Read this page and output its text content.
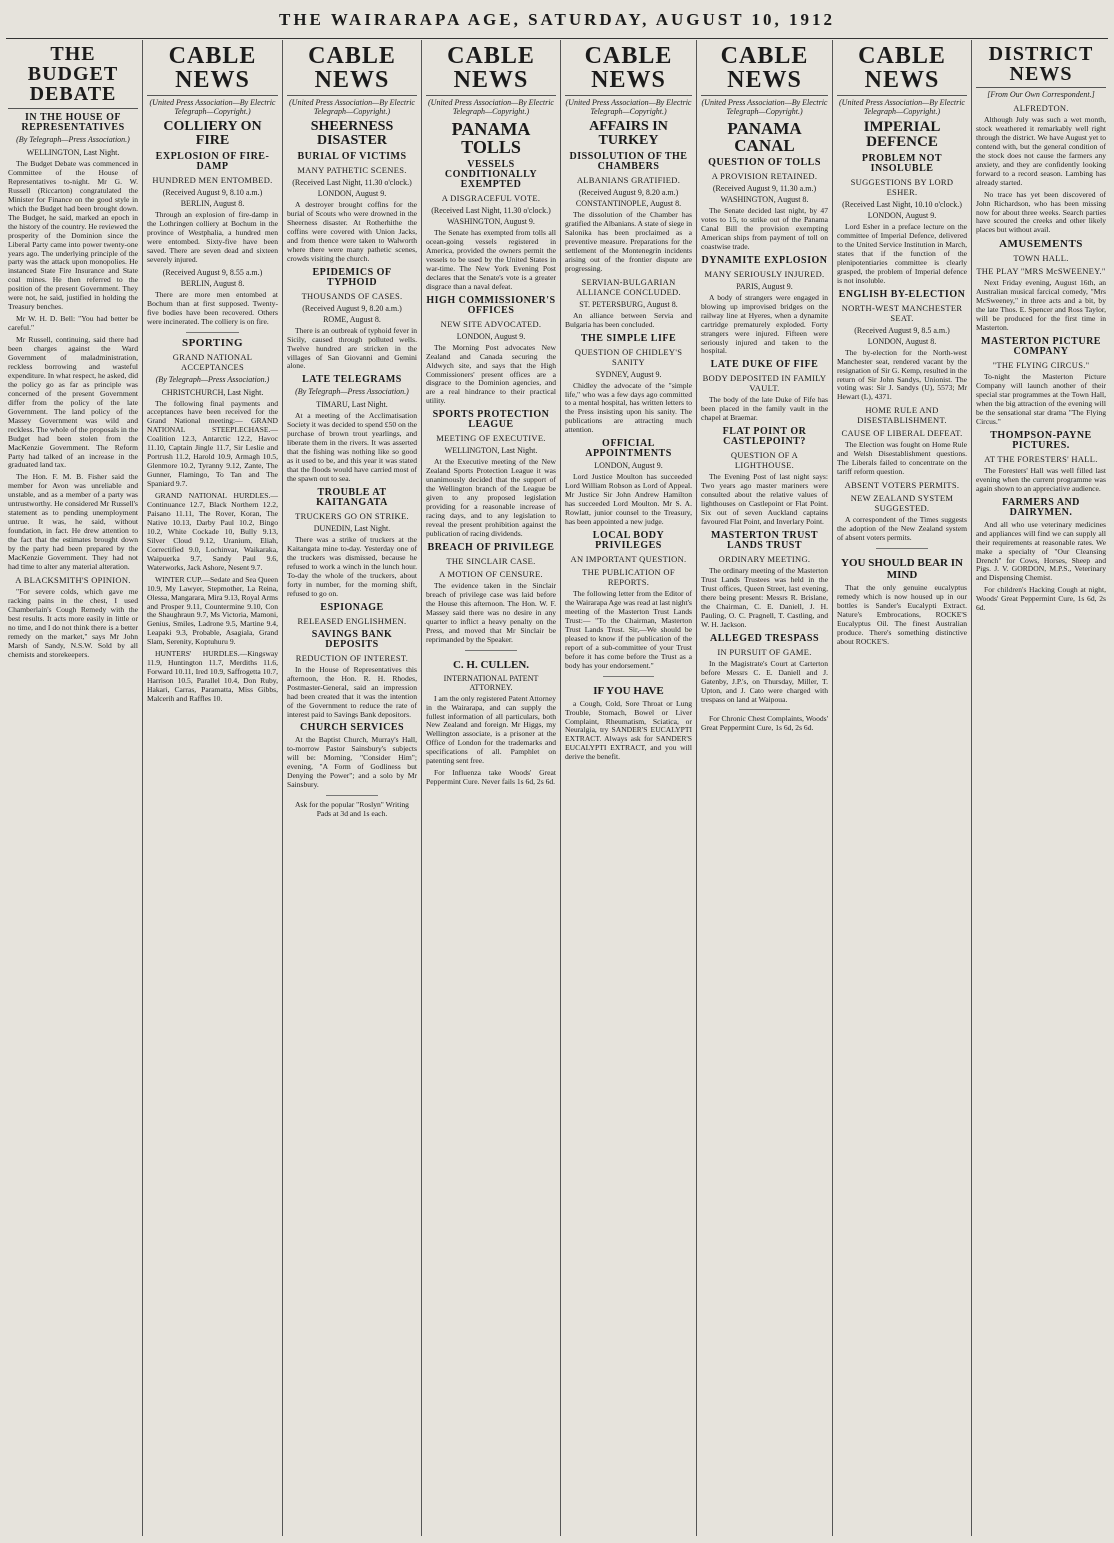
THE WAIRARAPA AGE, SATURDAY, AUGUST 10, 1912
THE BUDGET DEBATE
IN THE HOUSE OF REPRESENTATIVES
(By Telegraph—Press Association.)
WELLINGTON, Last Night.

The Budget Debate was commenced in Committee of the House of Representatives to-night. Mr G. W. Russell (Riccarton) congratulated the Minister for Finance on the good style in which the Budget had been brought down. The Budget, he said, marked an epoch in the history of the country. He reviewed the prosperity of the Dominion since the Liberal Party came into power twenty-one years ago. The underlying principle of the party was the attack upon monopolies. He instanced State Fire Insurance and State coal mines. He then referred to the position of the present Government. They were not, he said, justified in holding the Treasury benches.

Mr W. H. D. Bell: "You had better be careful."

Mr Russell, continuing, said there had been charges against the Ward Government of maladministration, reckless borrowing and wasteful expenditure. In what respect, he asked, did the policy go as far as principle was concerned of the present Government differ from the policy of the late Government. The land policy of the Massey Government was wild and reckless. The whole of the proposals in the Budget had been stolen from the MacKenzie Government. The Reform Party had talked of an increase in the graduated land tax.

The Hon. F. M. B. Fisher said the member for Avon was unreliable and unstable, and as a member of a party was untrustworthy. He considered Mr Russell's statement as to pending unemployment untrue. It was, he said, without foundation, in fact. He drew attention to the fact that the estimates brought down by the party had been prepared by the MacKenzie Government. They had not had time to alter any material alteration.

A BLACKSMITH'S OPINION.

"For severe colds, which gave me racking pains in the chest, I used Chamberlain's Cough Remedy with the best results. It acts more easily in little or no time, and I do not think there is a better remedy on the market," says Mr John Marsh of Sandy, N.S.W. Sold by all chemists and storekeepers.

CABLE NEWS
(United Press Association—By Electric Telegraph—Copyright.)
COLLIERY ON FIRE
EXPLOSION OF FIRE-DAMP
HUNDRED MEN ENTOMBED.
(Received August 9, 8.10 a.m.)
BERLIN, August 8.

Through an explosion of fire-damp in the Lothringen colliery at Bochum in the province of Westphalia, a hundred men were entombed. Sixty-five have been saved. There are seven dead and sixteen severely injured.

(Received August 9, 8.55 a.m.)
BERLIN, August 8.

There are more men entombed at Bochum than at first supposed. Twenty-five bodies have been recovered. Others were incinerated. The colliery is on fire.

SPORTING
GRAND NATIONAL ACCEPTANCES
(By Telegraph—Press Association.)
CHRISTCHURCH, Last Night.

The following final payments and acceptances have been received for the Grand National meeting:— GRAND NATIONAL STEEPLECHASE.—Coalition 12.3, Antarctic 12.2, Havoc 11.10, Captain Jingle 11.7, Sir Leslie and Portrush 11.2, Harold 10.9, Armagh 10.5, Glenmore 10.2, Tyranny 9.12, Zante, The Gunner, Flamingo, To Tan and The Spaniard 9.7.

GRAND NATIONAL HURDLES.—Continuance 12.7, Black Northern 12.2, Paisano 11.11, The Rover, Koran, The Native 10.13, Darby Paul 10.2, Bingo 10.2, White Cockade 10, Bully 9.13, Silver Cloud 9.12, Uranium, Eliah, Correctified 9.0, Lochinvar, Waikaraka, Waipuerka 9.7, Sandy Paul 9.6, Waterworks, Jack Ashore, Nesent 9.7.

WINTER CUP.—Sedate and Sea Queen 10.9, My Lawyer, Stepmother, La Reina, Olessa, Mangarara, Mira 9.13, Royal Arms and Prosper 9.11, Countermine 9.10, Con the Shaughraun 9.7, Ms Victoria, Mamoni, Genius, Smiles, Ladrone 9.5, Martine 9.4, Leapaki 9.3, Probable, Asagiala, Grand Slam, Serenity, Koptuhuru 9.

HUNTERS' HURDLES.—Kingsway 11.9, Huntington 11.7, Merdiths 11.6, Forward 10.11, Ired 10.9, Saffrogetta 10.7, Harrison 10.5, Parallel 10.4, Don Ruby, Hakari, Carras, Paramatta, Miss Gibbs, Malcerih and Raffles 10.

CABLE NEWS
(United Press Association—By Electric Telegraph—Copyright.)
SHEERNESS DISASTER
BURIAL OF VICTIMS
MANY PATHETIC SCENES.
(Received Last Night, 11.30 o'clock.)
LONDON, August 9.

A destroyer brought coffins for the burial of Scouts who were drowned in the Sheerness disaster. At Rotherhithe the coffins were covered with Union Jacks, and from thence were taken to Walworth where there were many pathetic scenes, crowds visiting the church.

EPIDEMICS OF TYPHOID
THOUSANDS OF CASES.
(Received August 9, 8.20 a.m.)
ROME, August 8.

There is an outbreak of typhoid fever in Sicily, caused through polluted wells. Twelve hundred are stricken in the villages of San Giovanni and Gemini alone.

LATE TELEGRAMS
(By Telegraph—Press Association.)
TIMARU, Last Night.

At a meeting of the Acclimatisation Society it was decided to spend £50 on the purchase of brown trout yearlings, and liberate them in the rivers. It was asserted that the fishing was nothing like so good as it used to be, and this year it was stated that the floods would have carried most of the spawn out to sea.

TROUBLE AT KAITANGATA
TRUCKERS GO ON STRIKE.
DUNEDIN, Last Night.

There was a strike of truckers at the Kaitangata mine to-day. Yesterday one of the truckers was dismissed, because he refused to work a winch in the lunch hour. To-day the whole of the truckers, about forty in number, for the morning shift, refused to go on.

ESPIONAGE
RELEASED ENGLISHMEN.
SAVINGS BANK DEPOSITS
REDUCTION OF INTEREST.

In the House of Representatives this afternoon, the Hon. R. H. Rhodes, Postmaster-General, said an impression had been created that it was the intention of the Government to reduce the rate of interest paid to Savings Bank depositors.

CHURCH SERVICES

At the Baptist Church, Murray's Hall, to-morrow Pastor Sainsbury's subjects will be: Morning, "Consider Him"; evening, "A Form of Godliness but Denying the Power"; and a solo by Mr Sainsbury.

Ask for the popular "Roslyn" Writing Pads at 3d and 1s each.

CABLE NEWS
(United Press Association—By Electric Telegraph—Copyright.)
PANAMA TOLLS
VESSELS CONDITIONALLY EXEMPTED
A DISGRACEFUL VOTE.
(Received Last Night, 11.30 o'clock.)
WASHINGTON, August 9.

The Senate has exempted from tolls all ocean-going vessels registered in America, provided the owners permit the vessels to be used by the United States in war-time. The New York Evening Post declares that the Senate's vote is a greater disgrace than a naval defeat.

HIGH COMMISSIONER'S OFFICES
NEW SITE ADVOCATED.
LONDON, August 9.

The Morning Post advocates New Zealand and Canada securing the Aldwych site, and says that the High Commissioners' present offices are a disgrace to the Dominion agencies, and are a real hindrance to their practical utility.

SPORTS PROTECTION LEAGUE
MEETING OF EXECUTIVE.
WELLINGTON, Last Night.

At the Executive meeting of the New Zealand Sports Protection League it was unanimously decided that the support of the Wellington branch of the League be given to any proposed legislation providing for a reasonable increase of racing days, and to any legislation to reveal the present prohibition against the publication of racing dividends.

BREACH OF PRIVILEGE
THE SINCLAIR CASE.
A MOTION OF CENSURE.

The evidence taken in the Sinclair breach of privilege case was laid before the House this afternoon. The Hon. W. F. Massey said there was no desire in any quarter to inflict a heavy penalty on the Press, and moved that Mr Sinclair be reprimanded by the Speaker.

C. H. CULLEN.
INTERNATIONAL PATENT ATTORNEY.

I am the only registered Patent Attorney in the Wairarapa, and can supply the fullest information of all particulars, both New Zealand and foreign. Mr Higgs, my Wellington associate, is a prisoner at the Office of London for the trademarks and specifications of all. Pamphlet on patenting sent free.

For Influenza take Woods' Great Peppermint Cure. Never fails 1s 6d, 2s 6d.

CABLE NEWS
(United Press Association—By Electric Telegraph—Copyright.)
AFFAIRS IN TURKEY
DISSOLUTION OF THE CHAMBERS
ALBANIANS GRATIFIED.
(Received August 9, 8.20 a.m.)
CONSTANTINOPLE, August 8.

The dissolution of the Chamber has gratified the Albanians. A state of siege in Salonika has been proclaimed as a preventive measure. Preparations for the settlement of the Montenegrin incidents arising out of the frontier dispute are progressing.

SERVIAN-BULGARIAN ALLIANCE CONCLUDED.
ST. PETERSBURG, August 8.

An alliance between Servia and Bulgaria has been concluded.

THE SIMPLE LIFE
QUESTION OF CHIDLEY'S SANITY
SYDNEY, August 9.

Chidley the advocate of the "simple life," who was a few days ago committed to a mental hospital, has written letters to the Press insisting upon his sanity. The publications are attracting much attention.

OFFICIAL APPOINTMENTS
LONDON, August 9.

Lord Justice Moulton has succeeded Lord William Robson as Lord of Appeal. Mr Justice Sir John Andrew Hamilton has succeeded Lord Moulton. Mr S. A. Rowlatt, junior counsel to the Treasury, has been appointed a new judge.

LOCAL BODY PRIVILEGES
AN IMPORTANT QUESTION.
THE PUBLICATION OF REPORTS.

The following letter from the Editor of the Wairarapa Age was read at last night's meeting of the Masterton Trust Lands Trust:— "To the Chairman, Masterton Trust Lands Trust. Sir,—We should be pleased to know if the publication of the report of a sub-committee of your Trust before it has come before the Trust as a body has your endorsement."

IF YOU HAVE

a Cough, Cold, Sore Throat or Lung Trouble, Stomach, Bowel or Liver Complaint, Rheumatism, Sciatica, or Neuralgia, try SANDER'S EUCALYPTI EXTRACT. Always ask for SANDER'S EUCALYPTI EXTRACT, and you will derive the benefit.

CABLE NEWS
(United Press Association—By Electric Telegraph—Copyright.)
PANAMA CANAL
QUESTION OF TOLLS
A PROVISION RETAINED.
(Received August 9, 11.30 a.m.)
WASHINGTON, August 8.

The Senate decided last night, by 47 votes to 15, to strike out of the Panama Canal Bill the provision exempting American ships from payment of toll on coastwise trade.

DYNAMITE EXPLOSION
MANY SERIOUSLY INJURED.
PARIS, August 9.

A body of strangers were engaged in blowing up improvised bridges on the railway line at Hyeres, when a dynamite cartridge prematurely exploded. Forty strangers were injured. Fifteen were seriously injured and taken to the hospital.

LATE DUKE OF FIFE
BODY DEPOSITED IN FAMILY VAULT.

The body of the late Duke of Fife has been placed in the family vault in the chapel at Braemar.

FLAT POINT OR CASTLEPOINT?
QUESTION OF A LIGHTHOUSE.

The Evening Post of last night says: Two years ago master mariners were consulted about the relative values of lighthouses on Castlepoint or Flat Point. Six out of seven Auckland captains favoured Flat Point, and Inverlary Point.

MASTERTON TRUST LANDS TRUST
ORDINARY MEETING.

The ordinary meeting of the Masterton Trust Lands Trustees was held in the Trust offices, Queen Street, last evening, there being present: Messrs R. Brislane, the Chairman, C. E. Daniell, J. H. Pauling, O. C. Pragnell, T. Castling, and W. H. Jackson.

ALLEGED TRESPASS
IN PURSUIT OF GAME.

In the Magistrate's Court at Carterton before Messrs C. E. Daniell and J. Gatenby, J.P.'s, on Thursday, Miller, T. Upton, and J. Cato were charged with trespass on land at Waipoua.

For Chronic Chest Complaints, Woods' Great Peppermint Cure, 1s 6d, 2s 6d.

CABLE NEWS
(United Press Association—By Electric Telegraph—Copyright.)
IMPERIAL DEFENCE
PROBLEM NOT INSOLUBLE
SUGGESTIONS BY LORD ESHER.
(Received Last Night, 10.10 o'clock.)
LONDON, August 9.

Lord Esher in a preface lecture on the committee of Imperial Defence, delivered to the United Service Institution in March, states that if the function of the plenipotentiaries committee is clearly grasped, the problem of Imperial defence is not insoluble.

ENGLISH BY-ELECTION
NORTH-WEST MANCHESTER SEAT.
(Received August 9, 8.5 a.m.)
LONDON, August 8.

The by-election for the North-west Manchester seat, rendered vacant by the resignation of Sir G. Kemp, resulted in the return of Sir John Sandys, Unionist. The voting was: Sir J. Sandys (U), 5573; Mr Hewart (L), 4371.

HOME RULE AND DISESTABLISHMENT.
CAUSE OF LIBERAL DEFEAT.

The Election was fought on Home Rule and Welsh Disestablishment questions. The Liberals failed to concentrate on the tariff reform question.

ABSENT VOTERS PERMITS.
NEW ZEALAND SYSTEM SUGGESTED.

A correspondent of the Times suggests the adoption of the New Zealand system of absent voters permits.

YOU SHOULD BEAR IN MIND

That the only genuine eucalyptus remedy which is now housed up in our bottles is Sander's Eucalypti Extract. Nature's Embrocations, ROCKE'S Eucalyptus Oil. The finest Australian produce. There's something distinctive about ROCKE'S.

DISTRICT NEWS
[From Our Own Correspondent.]
ALFREDTON.

Although July was such a wet month, stock weathered it remarkably well right through the district. We have August yet to contend with, but the general condition of the stock does not cause the farmers any anxiety, and they are confidently looking forward to a record season. Lambing has already started.

No trace has yet been discovered of John Richardson, who has been missing now for about three weeks. Search parties have scoured the creeks and other likely places but without avail.

AMUSEMENTS
TOWN HALL.
THE PLAY "MRS McSWEENEY."

Next Friday evening, August 16th, an Australian musical farcical comedy, "Mrs McSweeney," in three acts and a bit, by the late Thos. E. Spencer and Ross Taylor, will be produced for the first time in Masterton.

MASTERTON PICTURE COMPANY
"THE FLYING CIRCUS."

To-night the Masterton Picture Company will launch another of their special star programmes at the Town Hall, when the big attraction of the evening will be the sensational star drama "The Flying Circus."

THOMPSON-PAYNE PICTURES.
AT THE FORESTERS' HALL.

The Foresters' Hall was well filled last evening when the current programme was again shown to an appreciative audience.

FARMERS AND DAIRYMEN.

And all who use veterinary medicines and appliances will find we can supply all their requirements at reasonable rates. We make a specialty of "Our Cleansing Drench" for Cows, Horses, Sheep and Pigs. J. V. GORDON, M.P.S., Veterinary and Dispensing Chemist.

For children's Hacking Cough at night, Woods' Great Peppermint Cure, 1s 6d, 2s 6d.
